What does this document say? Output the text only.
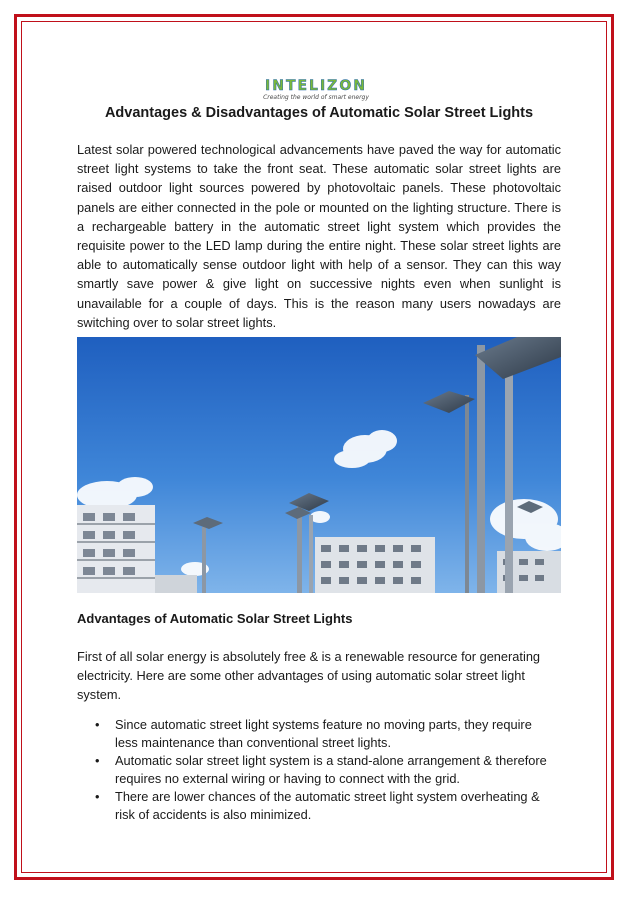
INTELIZON
Creating the world of smart energy
Advantages & Disadvantages of Automatic Solar Street Lights

Latest solar powered technological advancements have paved the way for automatic street light systems to take the front seat. These automatic solar street lights are raised outdoor light sources powered by photovoltaic panels. These photovoltaic panels are either connected in the pole or mounted on the lighting structure. There is a rechargeable battery in the automatic street light system which provides the requisite power to the LED lamp during the entire night. These solar street lights are able to automatically sense outdoor light with help of a sensor. They can this way smartly save power & give light on successive nights even when sunlight is unavailable for a couple of days. This is the reason many users nowadays are switching over to solar street lights.

Advantages of Automatic Solar Street Lights

First of all solar energy is absolutely free & is a renewable resource for generating electricity. Here are some other advantages of using automatic solar street light system.

• Since automatic street light systems feature no moving parts, they require less maintenance than conventional street lights.
• Automatic solar street light system is a stand-alone arrangement & therefore requires no external wiring or having to connect with the grid.
• There are lower chances of the automatic street light system overheating & risk of accidents is also minimized.
